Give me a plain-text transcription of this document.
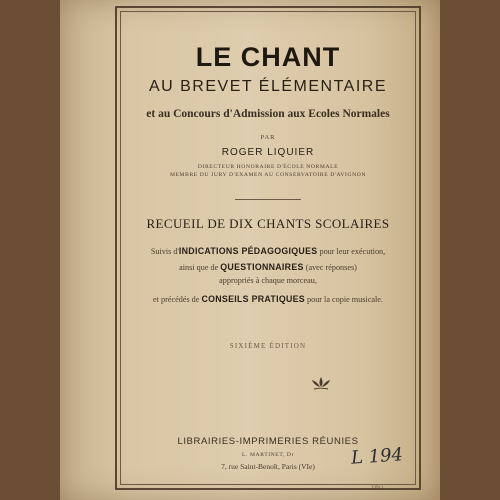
LE CHANT
AU BREVET ÉLÉMENTAIRE
et au Concours d'Admission aux Ecoles Normales
PAR
ROGER LIQUIER
DIRECTEUR HONORAIRE D'ÉCOLE NORMALE
MEMBRE DU JURY D'EXAMEN AU CONSERVATOIRE D'AVIGNON
RECUEIL DE DIX CHANTS SCOLAIRES
Suivis d'INDICATIONS PÉDAGOGIQUES pour leur exécution,
ainsi que de QUESTIONNAIRES (avec réponses)
appropriés à chaque morceau,
et précédés de CONSEILS PRATIQUES pour la copie musicale.
SIXIÈME ÉDITION
LIBRAIRIES-IMPRIMERIES RÉUNIES
L. MARTINET, Dr
7, rue Saint-Benoît, Paris (VIe)	L 194
23911
